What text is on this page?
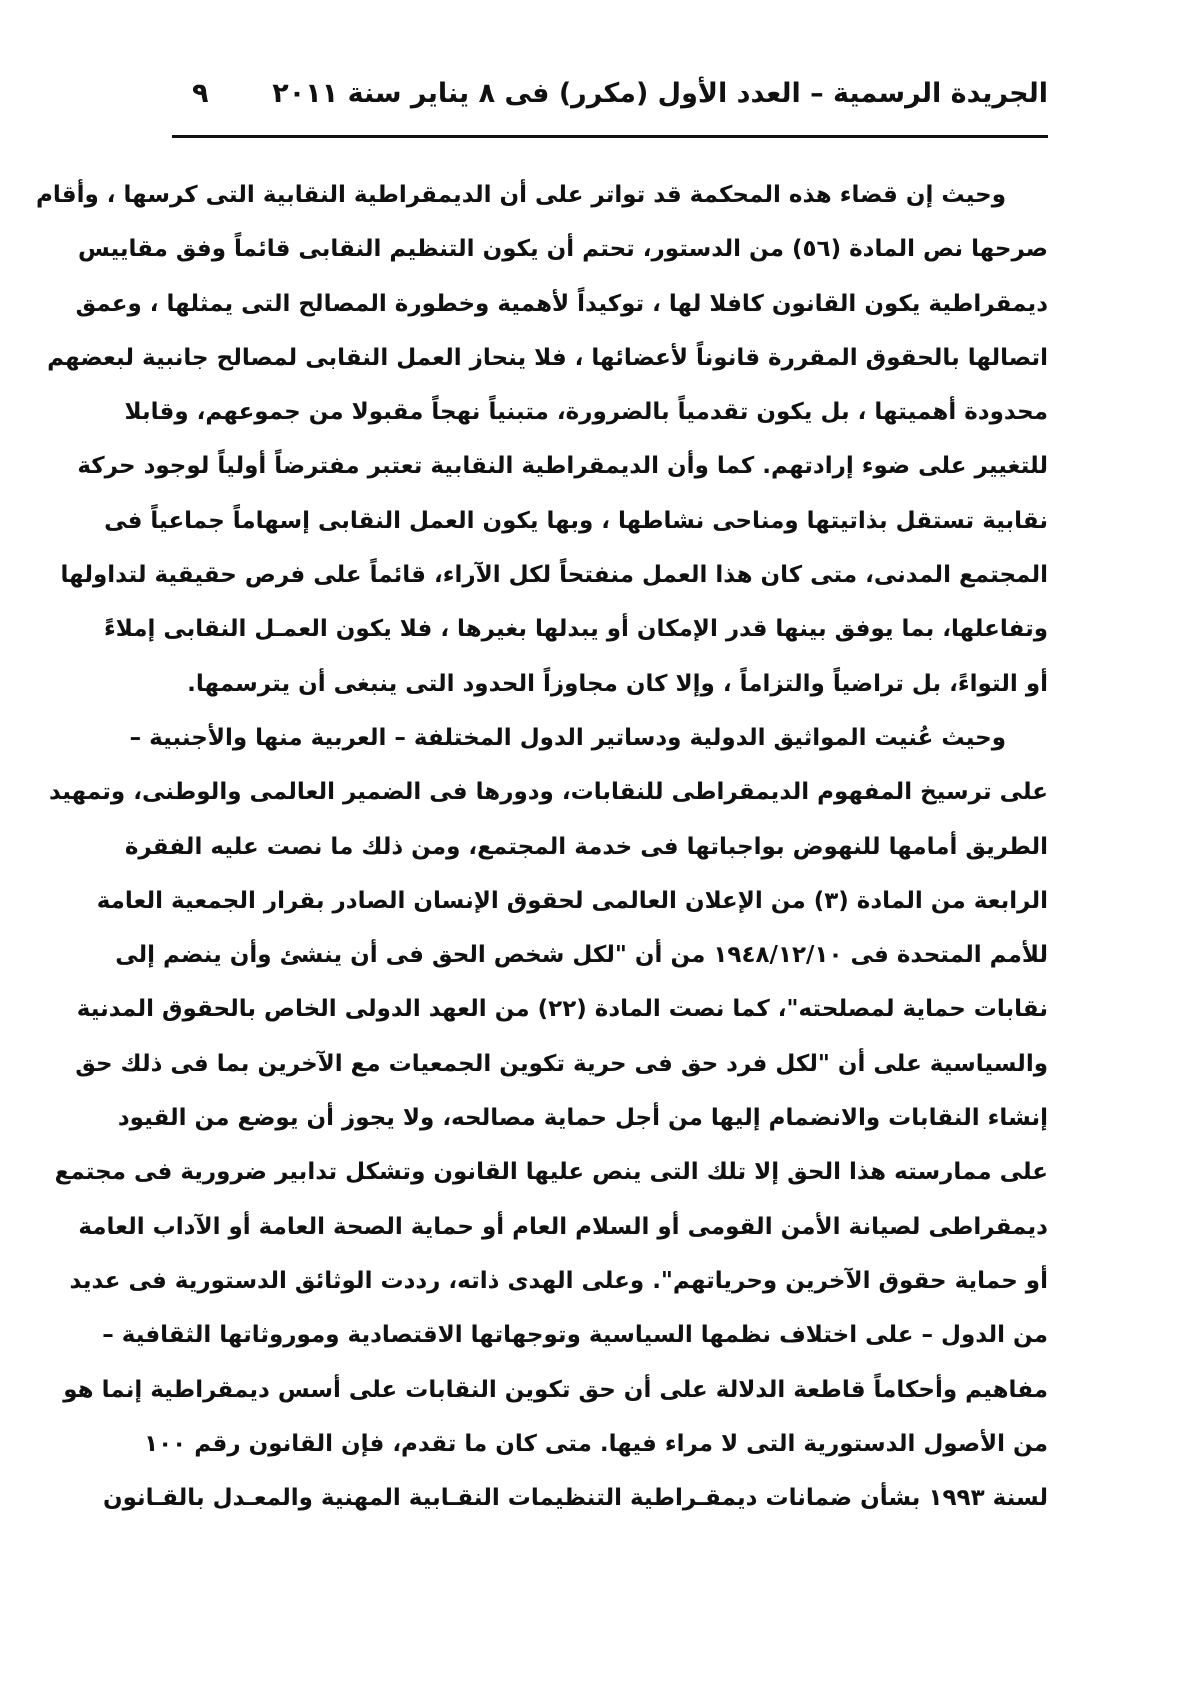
الجريدة الرسمية – العدد الأول (مكرر) فى ٨ يناير سنة ٢٠١١
٩
وحيث إن قضاء هذه المحكمة قد تواتر على أن الديمقراطية النقابية التى كرسها ، وأقام
صرحها نص المادة (٥٦) من الدستور، تحتم أن يكون التنظيم النقابى قائماً وفق مقاييس
ديمقراطية يكون القانون كافلا لها ، توكيداً لأهمية وخطورة المصالح التى يمثلها ، وعمق
اتصالها بالحقوق المقررة قانوناً لأعضائها ، فلا ينحاز العمل النقابى لمصالح جانبية لبعضهم
محدودة أهميتها ، بل يكون تقدمياً بالضرورة، متبنياً نهجاً مقبولا من جموعهم، وقابلا
للتغيير على ضوء إرادتهم. كما وأن الديمقراطية النقابية تعتبر مفترضاً أولياً لوجود حركة
نقابية تستقل بذاتيتها ومناحى نشاطها ، وبها يكون العمل النقابى إسهاماً جماعياً فى
المجتمع المدنى، متى كان هذا العمل منفتحاً لكل الآراء، قائماً على فرص حقيقية لتداولها
وتفاعلها، بما يوفق بينها قدر الإمكان أو يبدلها بغيرها ، فلا يكون العمـل النقابى إملاءً
أو التواءً، بل تراضياً والتزاماً ، وإلا كان مجاوزاً الحدود التى ينبغى أن يترسمها.
وحيث عُنيت المواثيق الدولية ودساتير الدول المختلفة – العربية منها والأجنبية –
على ترسيخ المفهوم الديمقراطى للنقابات، ودورها فى الضمير العالمى والوطنى، وتمهيد
الطريق أمامها للنهوض بواجباتها فى خدمة المجتمع، ومن ذلك ما نصت عليه الفقرة
الرابعة من المادة (٣) من الإعلان العالمى لحقوق الإنسان الصادر بقرار الجمعية العامة
للأمم المتحدة فى ١٩٤٨/١٢/١٠ من أن "لكل شخص الحق فى أن ينشئ وأن ينضم إلى
نقابات حماية لمصلحته"، كما نصت المادة (٢٢) من العهد الدولى الخاص بالحقوق المدنية
والسياسية على أن "لكل فرد حق فى حرية تكوين الجمعيات مع الآخرين بما فى ذلك حق
إنشاء النقابات والانضمام إليها من أجل حماية مصالحه، ولا يجوز أن يوضع من القيود
على ممارسته هذا الحق إلا تلك التى ينص عليها القانون وتشكل تدابير ضرورية فى مجتمع
ديمقراطى لصيانة الأمن القومى أو السلام العام أو حماية الصحة العامة أو الآداب العامة
أو حماية حقوق الآخرين وحرياتهم". وعلى الهدى ذاته، رددت الوثائق الدستورية فى عديد
من الدول – على اختلاف نظمها السياسية وتوجهاتها الاقتصادية وموروثاتها الثقافية –
مفاهيم وأحكاماً قاطعة الدلالة على أن حق تكوين النقابات على أسس ديمقراطية إنما هو
من الأصول الدستورية التى لا مراء فيها. متى كان ما تقدم، فإن القانون رقم ١٠٠
لسنة ١٩٩٣ بشأن ضمانات ديمقـراطية التنظيمات النقـابية المهنية والمعـدل بالقـانون
